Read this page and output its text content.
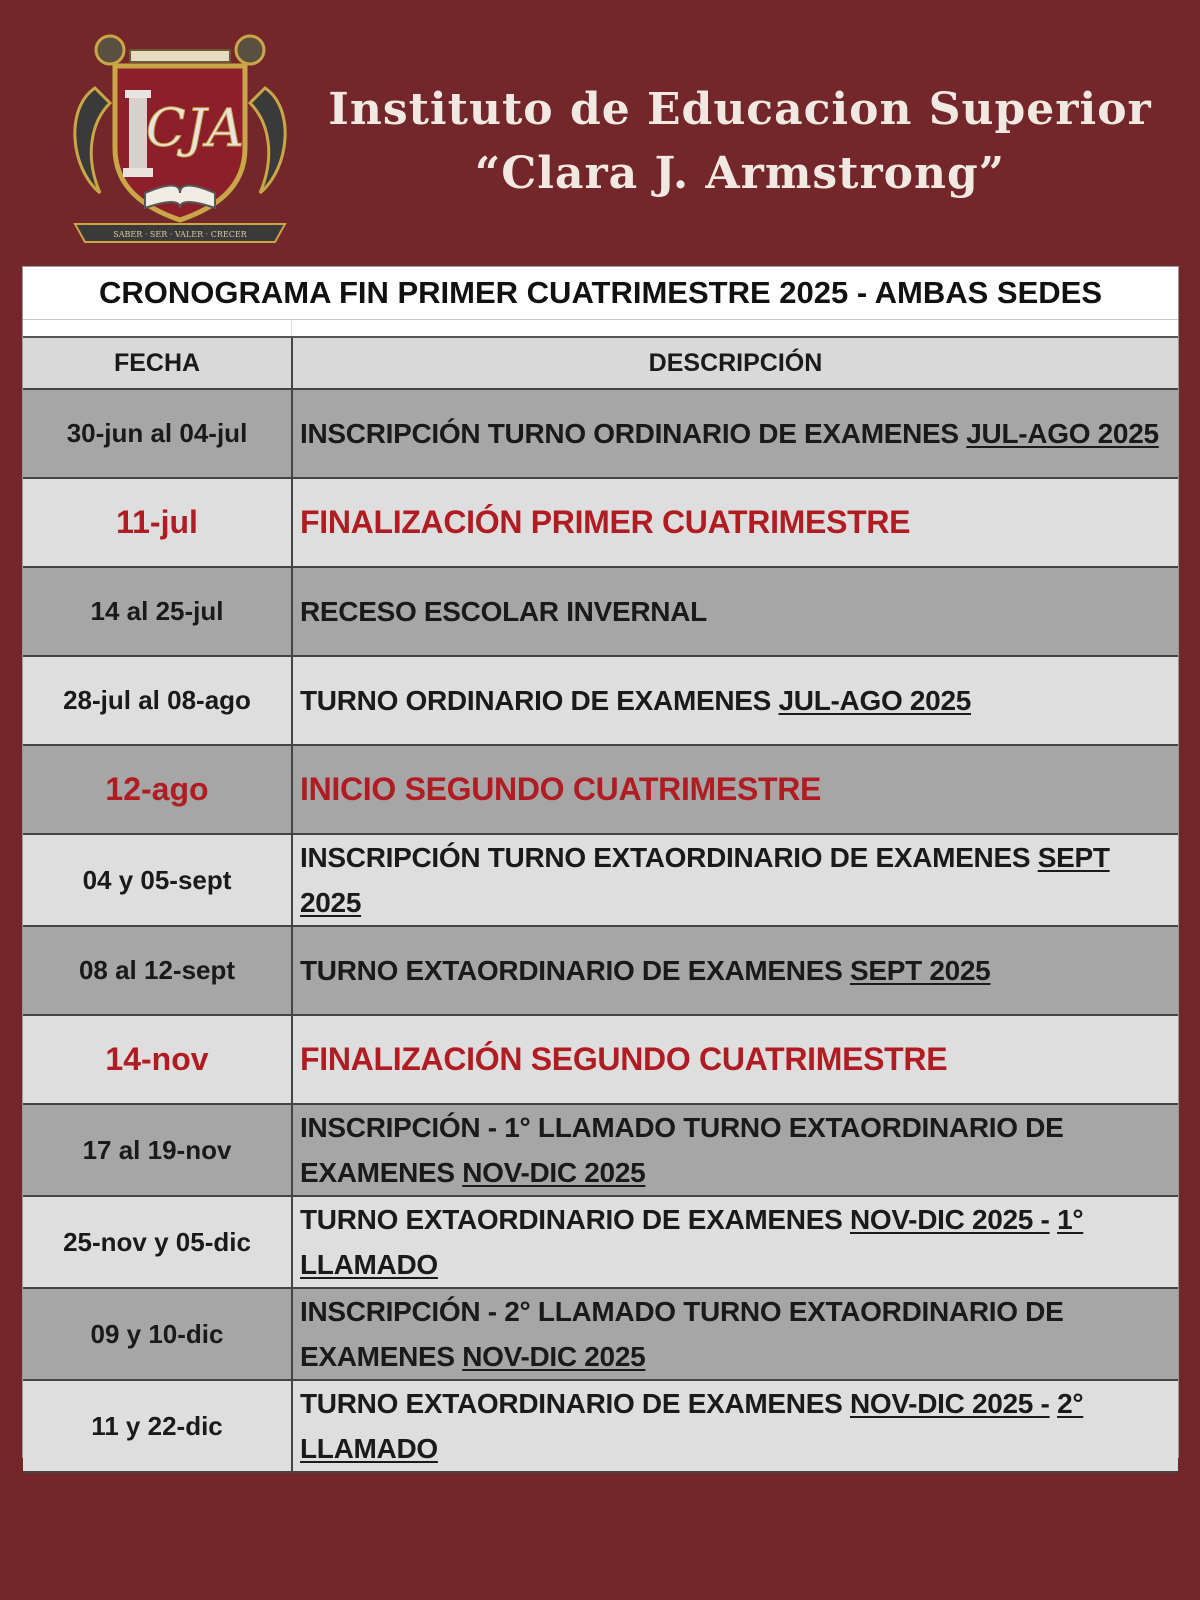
CJA
SABER · SER · VALER · CRECER
Instituto de Educacion Superior
“Clara J. Armstrong”
CRONOGRAMA FIN PRIMER CUATRIMESTRE 2025 - AMBAS SEDES
FECHA	DESCRIPCIÓN
30-jun al 04-jul	INSCRIPCIÓN TURNO ORDINARIO DE EXAMENES JUL-AGO 2025
11-jul	FINALIZACIÓN PRIMER CUATRIMESTRE
14 al 25-jul	RECESO ESCOLAR INVERNAL
28-jul al 08-ago	TURNO ORDINARIO DE EXAMENES JUL-AGO 2025
12-ago	INICIO SEGUNDO CUATRIMESTRE
04 y 05-sept	INSCRIPCIÓN TURNO EXTAORDINARIO DE EXAMENES SEPT 2025
08 al 12-sept	TURNO EXTAORDINARIO DE EXAMENES SEPT 2025
14-nov	FINALIZACIÓN SEGUNDO CUATRIMESTRE
17 al 19-nov	INSCRIPCIÓN - 1° LLAMADO TURNO EXTAORDINARIO DE EXAMENES NOV-DIC 2025
25-nov y 05-dic	TURNO EXTAORDINARIO DE EXAMENES NOV-DIC 2025 - 1° LLAMADO
09 y 10-dic	INSCRIPCIÓN - 2° LLAMADO TURNO EXTAORDINARIO DE EXAMENES NOV-DIC 2025
11 y 22-dic	TURNO EXTAORDINARIO DE EXAMENES NOV-DIC 2025 - 2° LLAMADO
